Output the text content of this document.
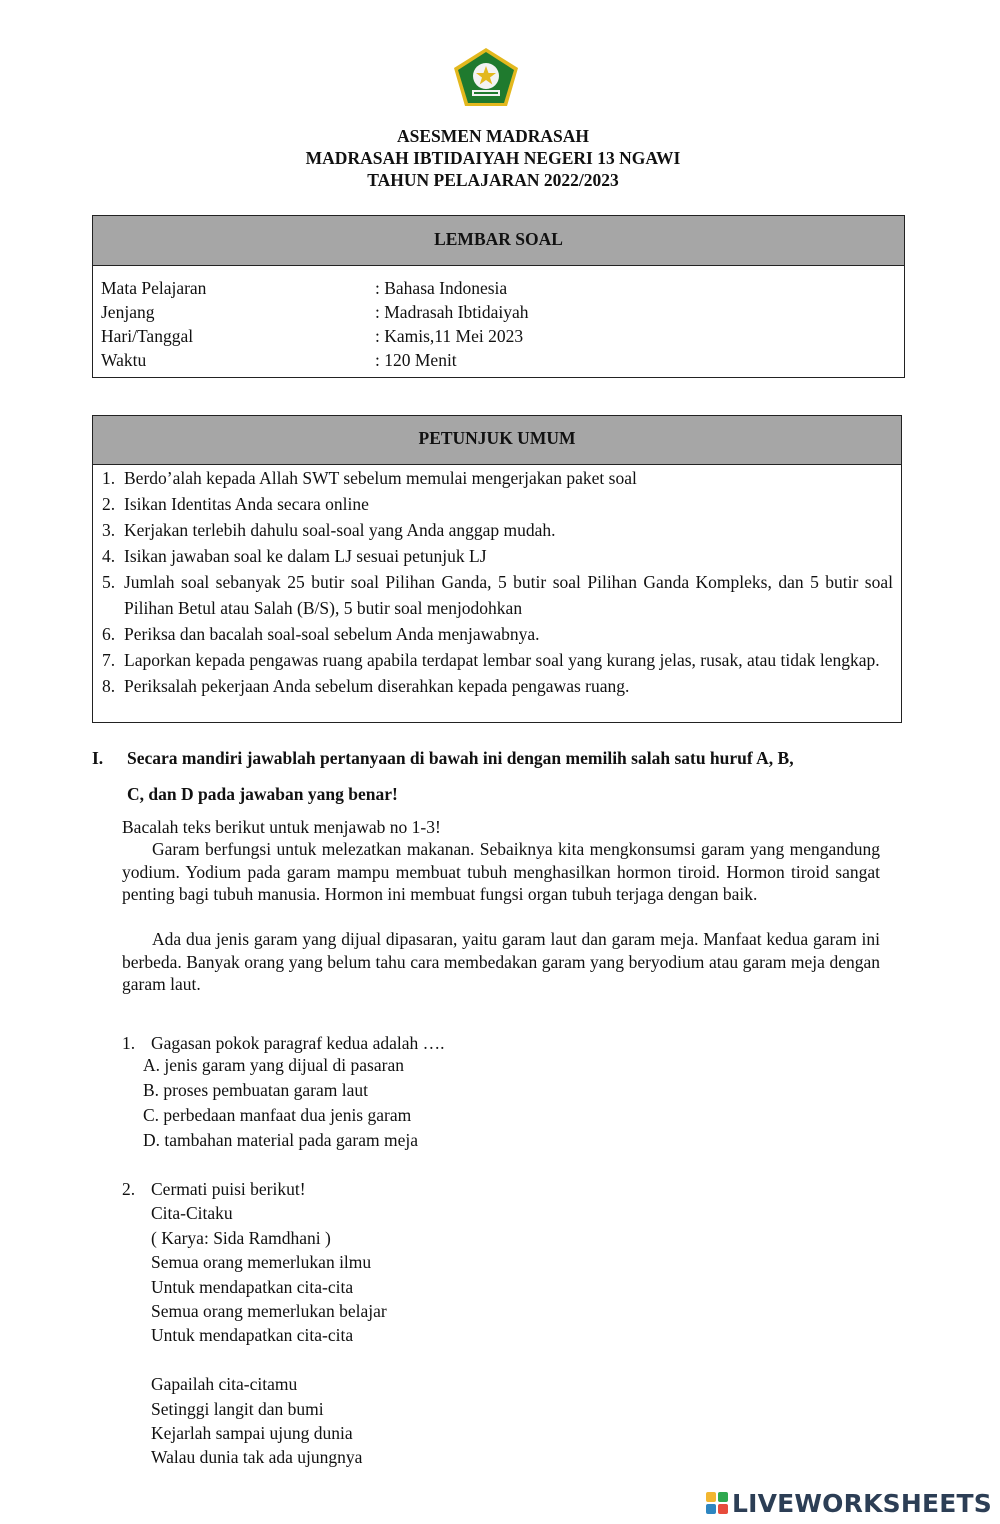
ASESMEN MADRASAH
MADRASAH IBTIDAIYAH NEGERI 13 NGAWI
TAHUN PELAJARAN 2022/2023
LEMBAR SOAL
Mata Pelajaran	: Bahasa Indonesia
Jenjang	: Madrasah Ibtidaiyah
Hari/Tanggal	: Kamis,11 Mei 2023
Waktu	: 120 Menit
PETUNJUK UMUM
1. Berdo’alah kepada Allah SWT sebelum memulai mengerjakan paket soal
2. Isikan Identitas Anda secara online
3. Kerjakan terlebih dahulu soal-soal yang Anda anggap mudah.
4. Isikan jawaban soal ke dalam LJ sesuai petunjuk LJ
5. Jumlah soal sebanyak 25 butir soal Pilihan Ganda, 5 butir soal Pilihan Ganda Kompleks, dan 5 butir soal Pilihan Betul atau Salah (B/S), 5 butir soal menjodohkan
6. Periksa dan bacalah soal-soal sebelum Anda menjawabnya.
7. Laporkan kepada pengawas ruang apabila terdapat lembar soal yang kurang jelas, rusak, atau tidak lengkap.
8. Periksalah pekerjaan Anda sebelum diserahkan kepada pengawas ruang.
I. Secara mandiri jawablah pertanyaan di bawah ini dengan memilih salah satu huruf A, B,
C, dan D pada jawaban yang benar!
Bacalah teks berikut untuk menjawab no 1-3!
Garam berfungsi untuk melezatkan makanan. Sebaiknya kita mengkonsumsi garam yang mengandung yodium. Yodium pada garam mampu membuat tubuh menghasilkan hormon tiroid. Hormon tiroid sangat penting bagi tubuh manusia. Hormon ini membuat fungsi organ tubuh terjaga dengan baik.
Ada dua jenis garam yang dijual dipasaran, yaitu garam laut dan garam meja. Manfaat kedua garam ini berbeda. Banyak orang yang belum tahu cara membedakan garam yang beryodium atau garam meja dengan garam laut.
1. Gagasan pokok paragraf kedua adalah ….
A. jenis garam yang dijual di pasaran
B. proses pembuatan garam laut
C. perbedaan manfaat dua jenis garam
D. tambahan material pada garam meja
2. Cermati puisi berikut!
Cita-Citaku
( Karya: Sida Ramdhani )
Semua orang memerlukan ilmu
Untuk mendapatkan cita-cita
Semua orang memerlukan belajar
Untuk mendapatkan cita-cita
Gapailah cita-citamu
Setinggi langit dan bumi
Kejarlah sampai ujung dunia
Walau dunia tak ada ujungnya
LIVEWORKSHEETS
